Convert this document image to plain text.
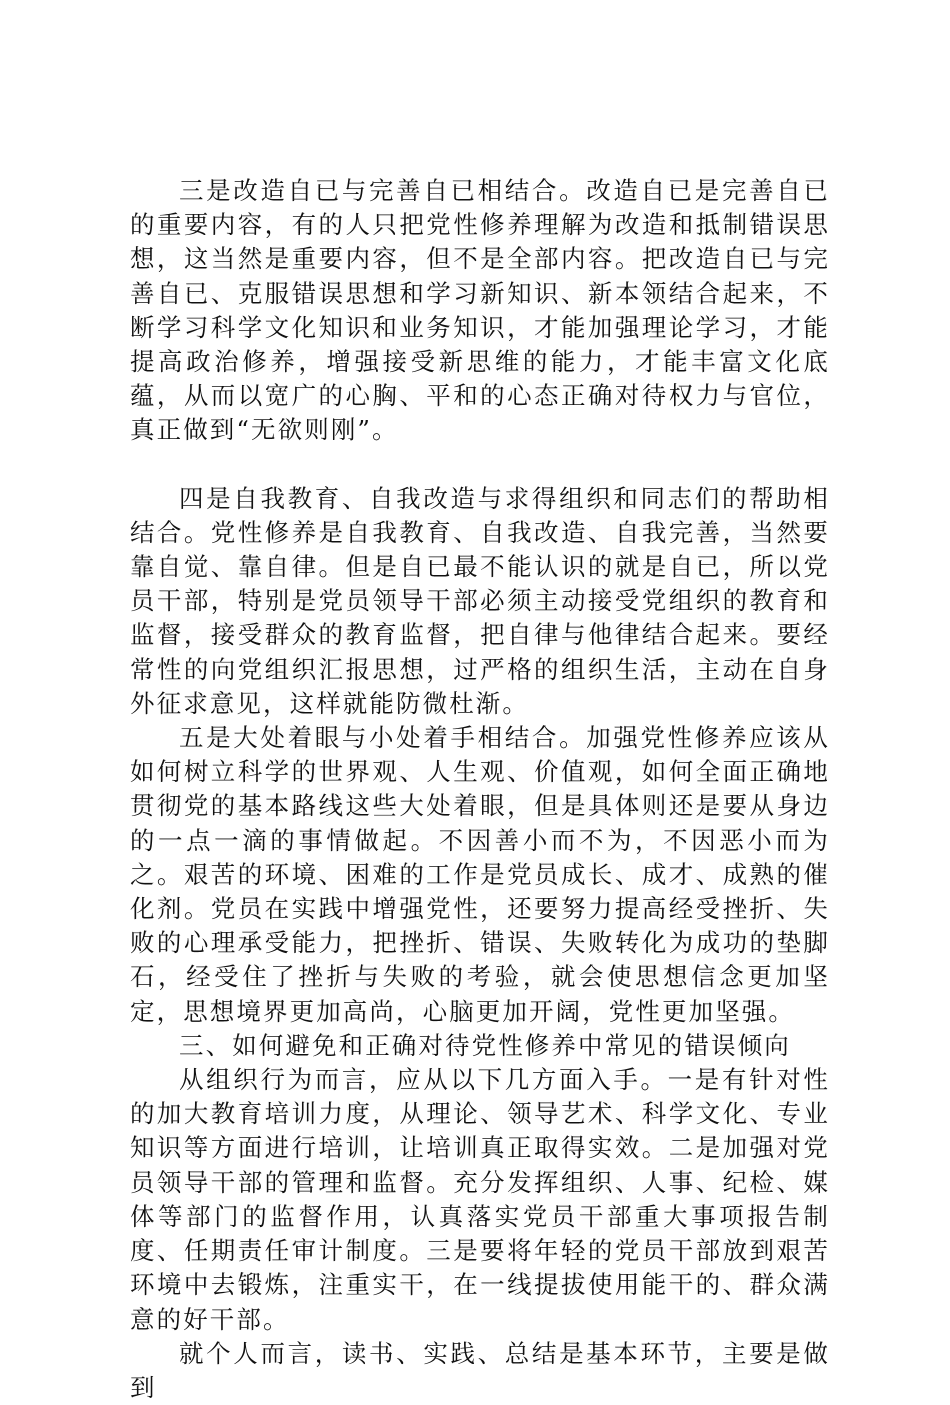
三是改造自已与完善自已相结合。改造自已是完善自已的重要内容，有的人只把党性修养理解为改造和抵制错误思想，这当然是重要内容，但不是全部内容。把改造自已与完善自已、克服错误思想和学习新知识、新本领结合起来，不断学习科学文化知识和业务知识，才能加强理论学习，才能提高政治修养，增强接受新思维的能力，才能丰富文化底蕴，从而以宽广的心胸、平和的心态正确对待权力与官位，真正做到“无欲则刚”。

四是自我教育、自我改造与求得组织和同志们的帮助相结合。党性修养是自我教育、自我改造、自我完善，当然要靠自觉、靠自律。但是自已最不能认识的就是自已，所以党员干部，特别是党员领导干部必须主动接受党组织的教育和监督，接受群众的教育监督，把自律与他律结合起来。要经常性的向党组织汇报思想，过严格的组织生活，主动在自身外征求意见，这样就能防微杜渐。

五是大处着眼与小处着手相结合。加强党性修养应该从如何树立科学的世界观、人生观、价值观，如何全面正确地贯彻党的基本路线这些大处着眼，但是具体则还是要从身边的一点一滴的事情做起。不因善小而不为，不因恶小而为之。艰苦的环境、困难的工作是党员成长、成才、成熟的催化剂。党员在实践中增强党性，还要努力提高经受挫折、失败的心理承受能力，把挫折、错误、失败转化为成功的垫脚石，经受住了挫折与失败的考验，就会使思想信念更加坚定，思想境界更加高尚，心脑更加开阔，党性更加坚强。

三、如何避免和正确对待党性修养中常见的错误倾向

从组织行为而言，应从以下几方面入手。一是有针对性的加大教育培训力度，从理论、领导艺术、科学文化、专业知识等方面进行培训，让培训真正取得实效。二是加强对党员领导干部的管理和监督。充分发挥组织、人事、纪检、媒体等部门的监督作用，认真落实党员干部重大事项报告制度、任期责任审计制度。三是要将年轻的党员干部放到艰苦环境中去锻炼，注重实干，在一线提拔使用能干的、群众满意的好干部。

就个人而言，读书、实践、总结是基本环节，主要是做到
